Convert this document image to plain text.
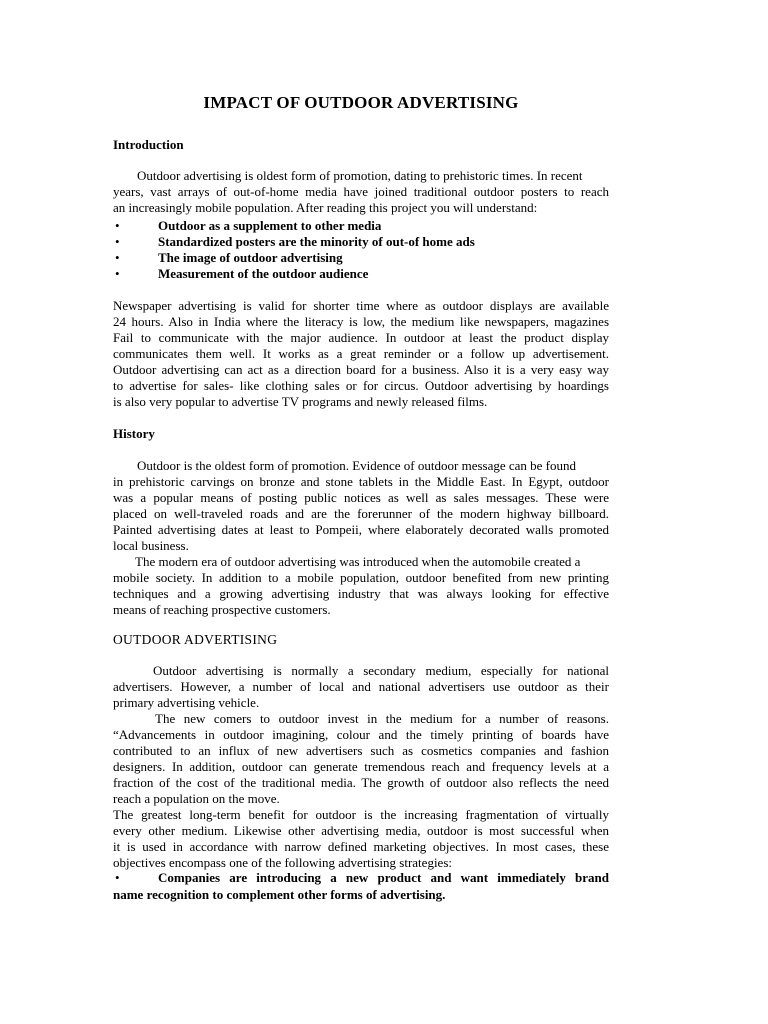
IMPACT OF OUTDOOR ADVERTISING
Introduction
Outdoor advertising is oldest form of promotion, dating to prehistoric times. In recent
years, vast arrays of out-of-home media have joined traditional outdoor posters to reach
an increasingly mobile population. After reading this project you will understand:
•	Outdoor as a supplement to other media
•	Standardized posters are the minority of out-of home ads
•	The image of outdoor advertising
•	Measurement of the outdoor audience
Newspaper advertising is valid for shorter time where as outdoor displays are available
24 hours. Also in India where the literacy is low, the medium like newspapers, magazines
Fail to communicate with the major audience. In outdoor at least the product display
communicates them well. It works as a great reminder or a follow up advertisement.
Outdoor advertising can act as a direction board for a business. Also it is a very easy way
to advertise for sales- like clothing sales or for circus. Outdoor advertising by hoardings
is also very popular to advertise TV programs and newly released films.
History
Outdoor is the oldest form of promotion. Evidence of outdoor message can be found
in prehistoric carvings on bronze and stone tablets in the Middle East. In Egypt, outdoor
was a popular means of posting public notices as well as sales messages. These were
placed on well-traveled roads and are the forerunner of the modern highway billboard.
Painted advertising dates at least to Pompeii, where elaborately decorated walls promoted
local business.
The modern era of outdoor advertising was introduced when the automobile created a
mobile society. In addition to a mobile population, outdoor benefited from new printing
techniques and a growing advertising industry that was always looking for effective
means of reaching prospective customers.
OUTDOOR ADVERTISING
Outdoor advertising is normally a secondary medium, especially for national
advertisers. However, a number of local and national advertisers use outdoor as their
primary advertising vehicle.
The new comers to outdoor invest in the medium for a number of reasons.
“Advancements in outdoor imagining, colour and the timely printing of boards have
contributed to an influx of new advertisers such as cosmetics companies and fashion
designers. In addition, outdoor can generate tremendous reach and frequency levels at a
fraction of the cost of the traditional media. The growth of outdoor also reflects the need
reach a population on the move.
The greatest long-term benefit for outdoor is the increasing fragmentation of virtually
every other medium. Likewise other advertising media, outdoor is most successful when
it is used in accordance with narrow defined marketing objectives. In most cases, these
objectives encompass one of the following advertising strategies:
•	Companies are introducing a new product and want immediately brand
name recognition to complement other forms of advertising.
